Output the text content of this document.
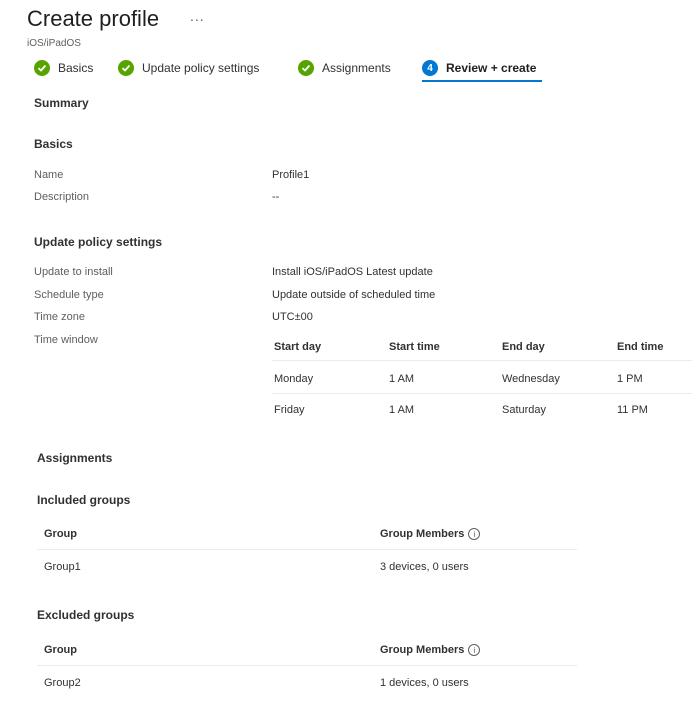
Create profile ...
iOS/iPadOS
Basics	Update policy settings	Assignments	4	Review + create
Summary
Basics
Name	Profile1
Description	--
Update policy settings
Update to install	Install iOS/iPadOS Latest update
Schedule type	Update outside of scheduled time
Time zone	UTC±00
Time window
Start day	Start time	End day	End time
Monday	1 AM	Wednesday	1 PM
Friday	1 AM	Saturday	11 PM
Assignments
Included groups
Group	Group Members i
Group1	3 devices, 0 users
Excluded groups
Group	Group Members i
Group2	1 devices, 0 users
